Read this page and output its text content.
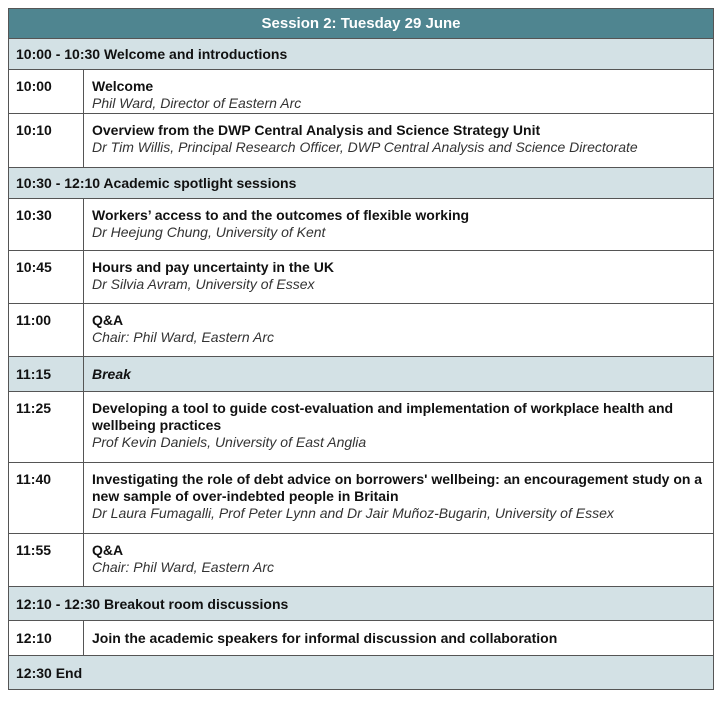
Session 2: Tuesday 29 June	
10:00 - 10:30 Welcome and introductions	
10:00	Welcome
Phil Ward, Director of Eastern Arc

10:10	Overview from the DWP Central Analysis and Science Strategy Unit
Dr Tim Willis, Principal Research Officer, DWP Central Analysis and Science Directorate

10:30 - 12:10 Academic spotlight sessions	
10:30	Workers’ access to and the outcomes of flexible working
Dr Heejung Chung, University of Kent

10:45	Hours and pay uncertainty in the UK
Dr Silvia Avram, University of Essex

11:00	Q&A
Chair: Phil Ward, Eastern Arc

11:15	Break
11:25	Developing a tool to guide cost-evaluation and implementation of workplace health and wellbeing practices
Prof Kevin Daniels, University of East Anglia

11:40	Investigating the role of debt advice on borrowers' wellbeing: an encouragement study on a new sample of over-indebted people in Britain
Dr Laura Fumagalli, Prof Peter Lynn and Dr Jair Muñoz-Bugarin, University of Essex

11:55	Q&A
Chair: Phil Ward, Eastern Arc

12:10 - 12:30 Breakout room discussions	
12:10	Join the academic speakers for informal discussion and collaboration
12:30 End	
